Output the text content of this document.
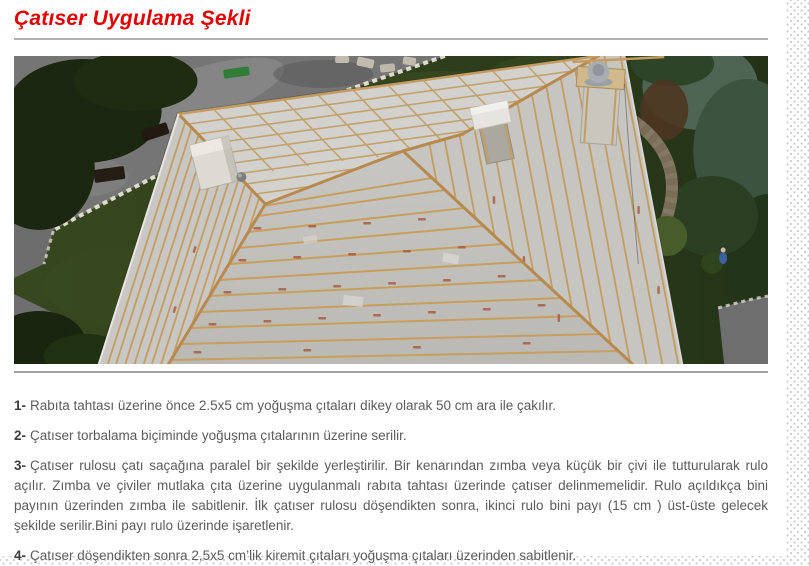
Çatıser Uygulama Şekli

1- Rabıta tahtası üzerine önce 2.5x5 cm yoğuşma çıtaları dikey olarak 50 cm ara ile çakılır.

2- Çatıser torbalama biçiminde yoğuşma çıtalarının üzerine serilir.

3- Çatıser rulosu çatı saçağına paralel bir şekilde yerleştirilir. Bir kenarından zımba veya küçük bir çivi ile tutturularak rulo açılır. Zımba ve çiviler mutlaka çıta üzerine uygulanmalı rabıta tahtası üzerinde çatıser delinmemelidir. Rulo açıldıkça bini payının üzerinden zımba ile sabitlenir. İlk çatıser rulosu döşendikten sonra, ikinci rulo bini payı (15 cm ) üst-üste gelecek şekilde serilir.Bini payı rulo üzerinde işaretlenir.

4- Çatıser döşendikten sonra 2,5x5 cm’lik kiremit çıtaları yoğuşma çıtaları üzerinden sabitlenir.
